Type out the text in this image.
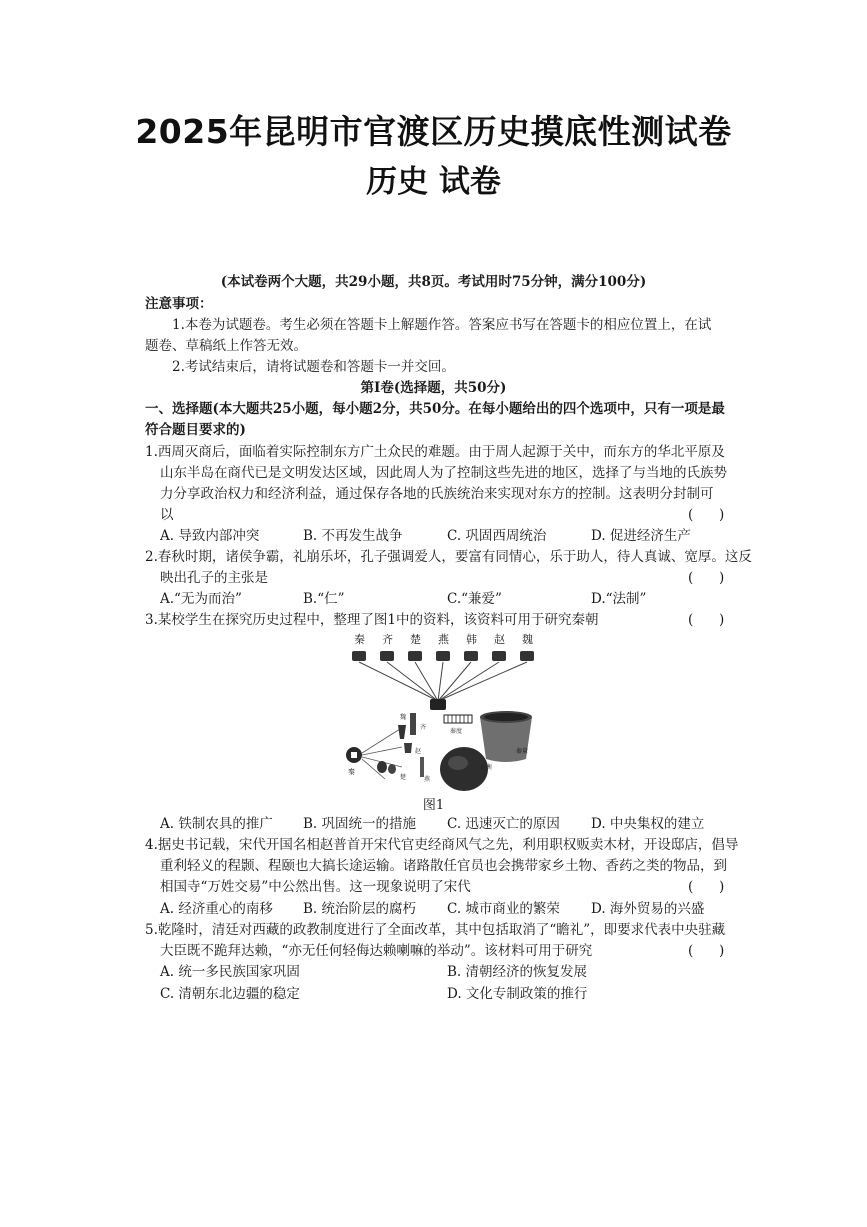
2025年昆明市官渡区历史摸底性测试卷
历史 试卷
(本试卷两个大题，共29小题，共8页。考试用时75分钟，满分100分)
注意事项：
1.本卷为试题卷。考生必须在答题卡上解题作答。答案应书写在答题卡的相应位置上，在试
题卷、草稿纸上作答无效。
2.考试结束后，请将试题卷和答题卡一并交回。
第Ⅰ卷(选择题，共50分)
一、选择题(本大题共25小题，每小题2分，共50分。在每小题给出的四个选项中，只有一项是最
符合题目要求的)
1.西周灭商后，面临着实际控制东方广土众民的难题。由于周人起源于关中，而东方的华北平原及
山东半岛在商代已是文明发达区域，因此周人为了控制这些先进的地区，选择了与当地的氏族势
力分享政治权力和经济利益，通过保存各地的氏族统治来实现对东方的控制。这表明分封制可
以	(      )
A. 导致内部冲突	B. 不再发生战争	C. 巩固西周统治	D. 促进经济生产
2.春秋时期，诸侯争霸，礼崩乐坏，孔子强调爱人，要富有同情心，乐于助人，待人真诚、宽厚。这反
映出孔子的主张是	(      )
A.“无为而治”	B.“仁”	C.“兼爱”	D.“法制”
3.某校学生在探究历史过程中，整理了图1中的资料，该资料可用于研究秦朝	(      )
秦 齐 楚 燕 韩 赵 魏
秦
齐
魏
赵
楚	燕
秦度
秦衡
秦量
图1
A. 铁制农具的推广 B. 巩固统一的措施 C. 迅速灭亡的原因 D. 中央集权的建立
4.据史书记载，宋代开国名相赵普首开宋代官吏经商风气之先，利用职权贩卖木材，开设邸店，倡导
重利轻义的程颢、程颐也大搞长途运输。诸路散任官员也会携带家乡土物、香药之类的物品，到
相国寺“万姓交易”中公然出售。这一现象说明了宋代	(      )
A. 经济重心的南移 B. 统治阶层的腐朽 C. 城市商业的繁荣 D. 海外贸易的兴盛
5.乾隆时，清廷对西藏的政教制度进行了全面改革，其中包括取消了“瞻礼”，即要求代表中央驻藏
大臣既不跪拜达赖，“亦无任何轻侮达赖喇嘛的举动”。该材料可用于研究	(      )
A. 统一多民族国家巩固	B. 清朝经济的恢复发展
C. 清朝东北边疆的稳定	D. 文化专制政策的推行
